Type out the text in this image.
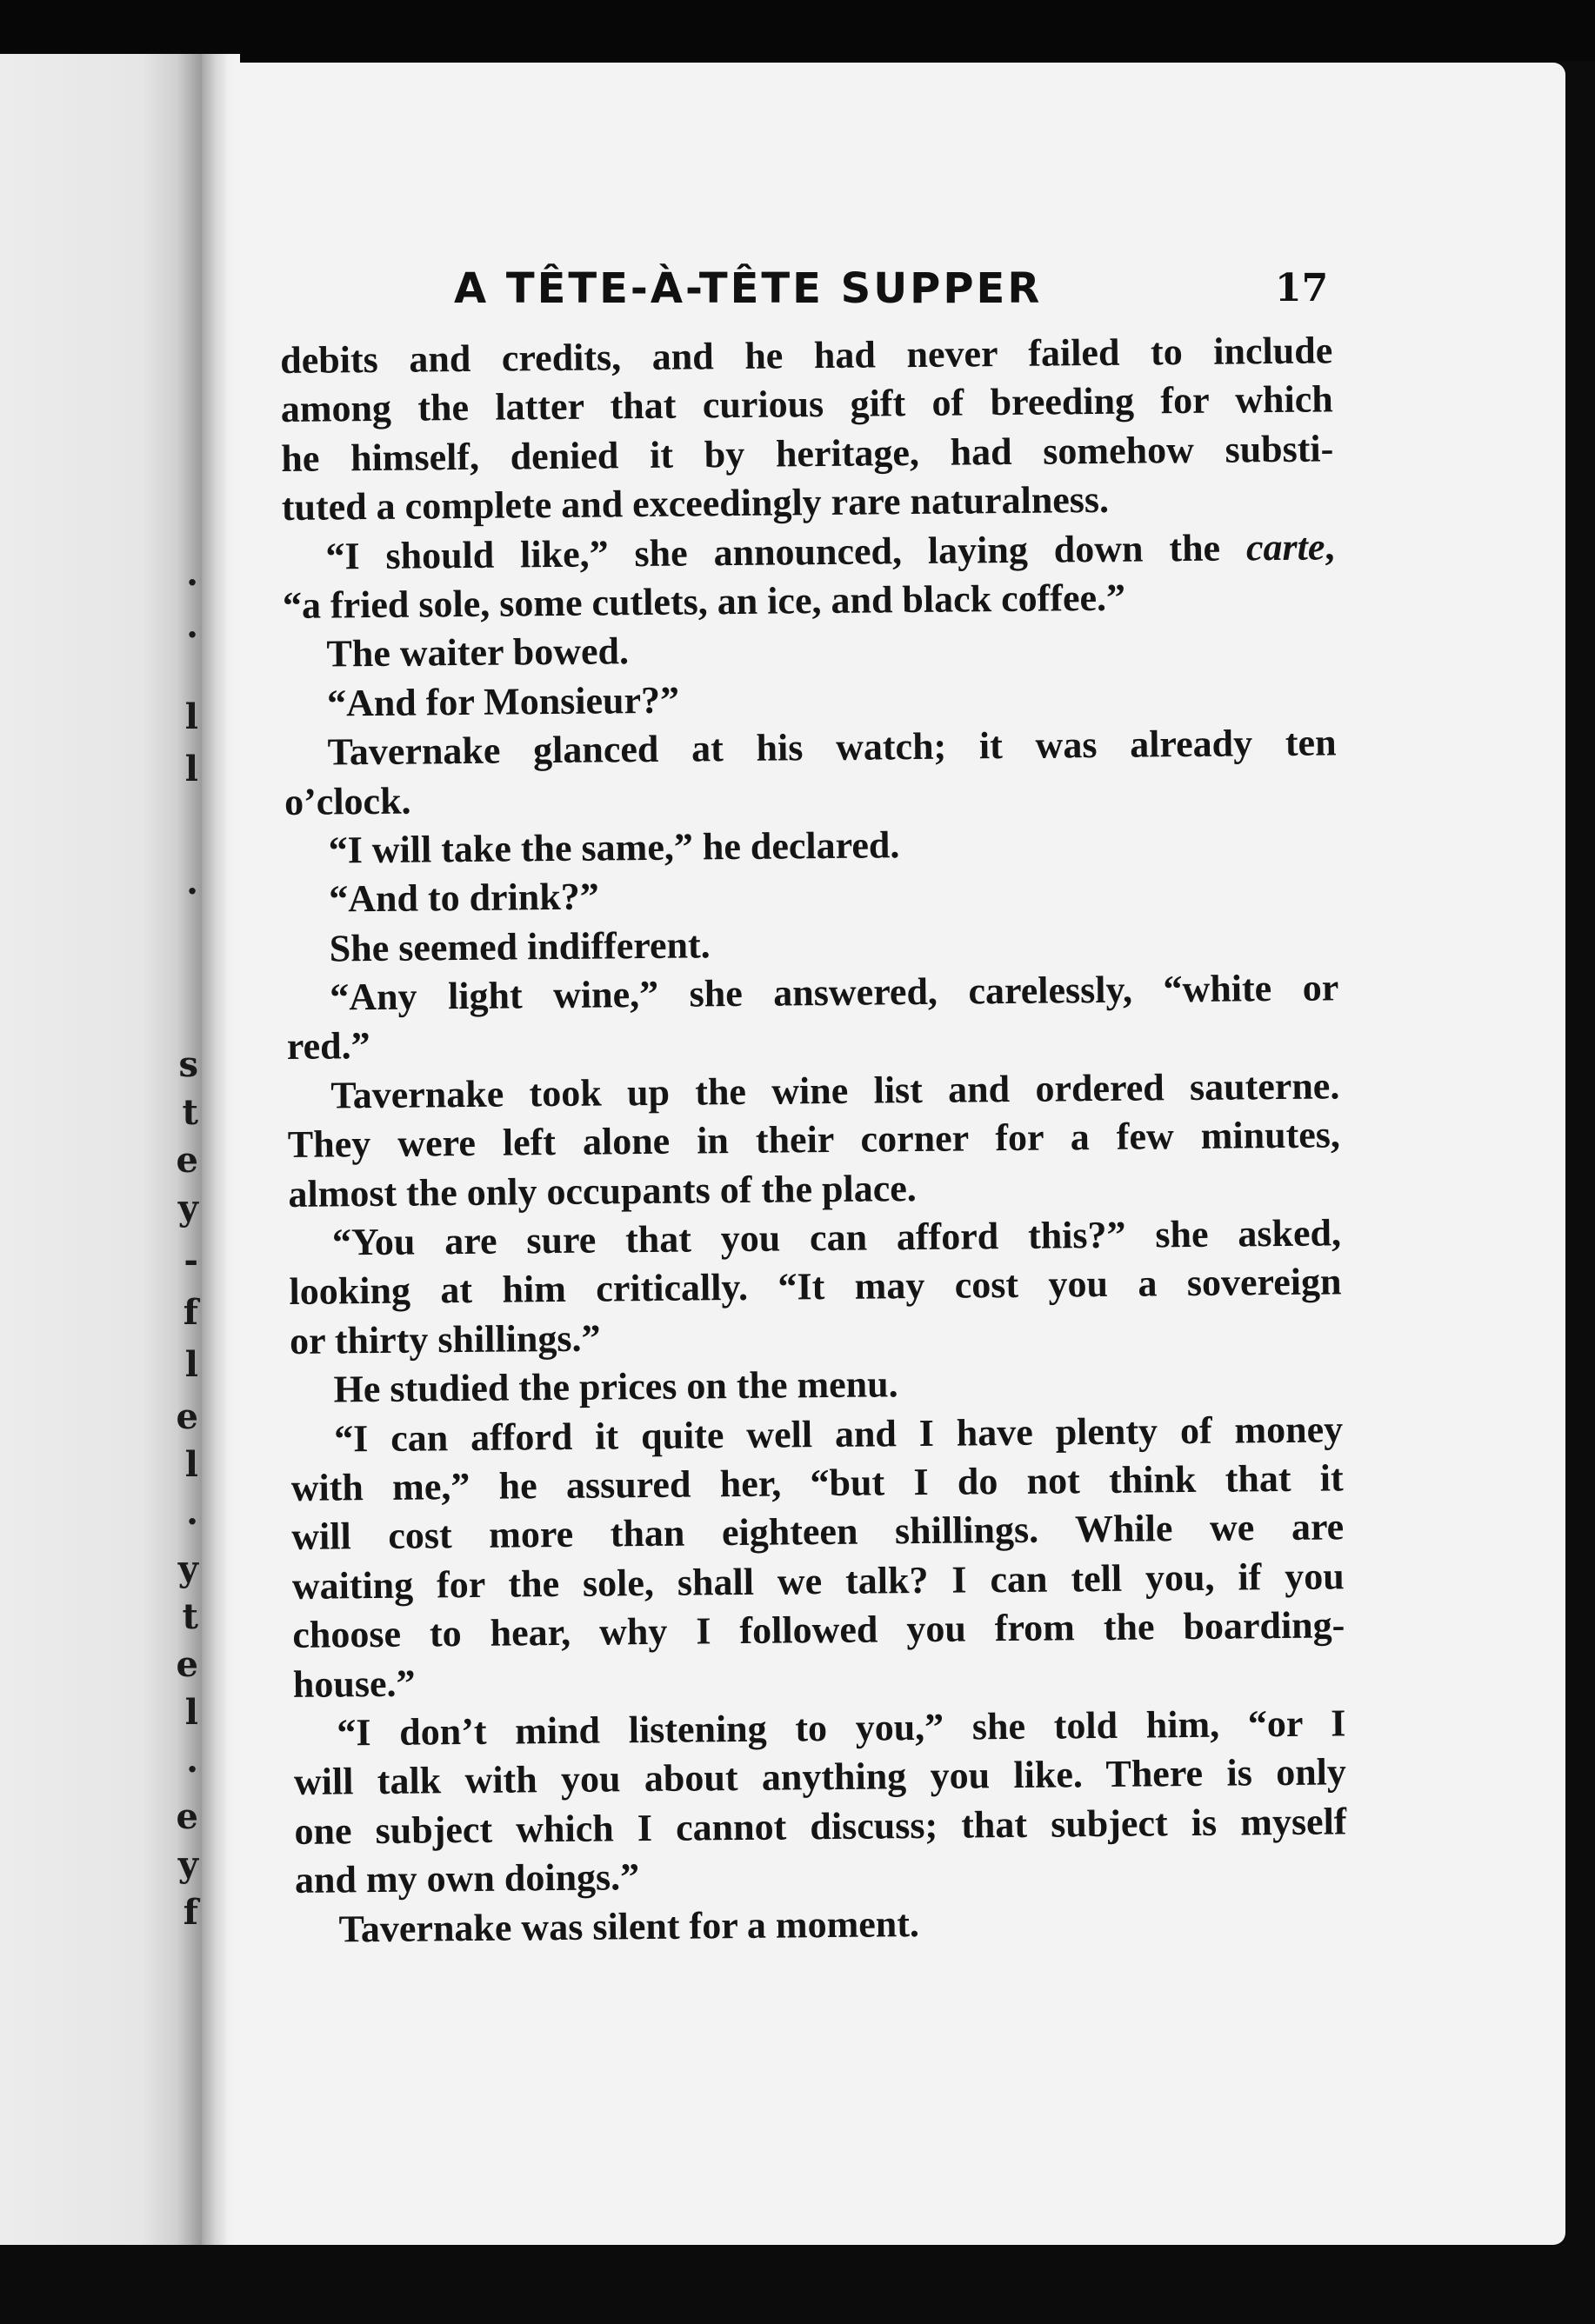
.
.
l
l
.
s
t
e
y
-
f
l
e
l
.
y
t
e
l
.
e
y
f
A TÊTE-À-TÊTE SUPPER	17
debits and credits, and he had never failed to include
among the latter that curious gift of breeding for which
he himself, denied it by heritage, had somehow substi-
tuted a complete and exceedingly rare naturalness.
“I should like,” she announced, laying down the carte,
“a fried sole, some cutlets, an ice, and black coffee.”
The waiter bowed.
“And for Monsieur?”
Tavernake glanced at his watch; it was already ten
o’clock.
“I will take the same,” he declared.
“And to drink?”
She seemed indifferent.
“Any light wine,” she answered, carelessly, “white or
red.”
Tavernake took up the wine list and ordered sauterne.
They were left alone in their corner for a few minutes,
almost the only occupants of the place.
“You are sure that you can afford this?” she asked,
looking at him critically. “It may cost you a sovereign
or thirty shillings.”
He studied the prices on the menu.
“I can afford it quite well and I have plenty of money
with me,” he assured her, “but I do not think that it
will cost more than eighteen shillings. While we are
waiting for the sole, shall we talk? I can tell you, if you
choose to hear, why I followed you from the boarding-
house.”
“I don’t mind listening to you,” she told him, “or I
will talk with you about anything you like. There is only
one subject which I cannot discuss; that subject is myself
and my own doings.”
Tavernake was silent for a moment.
